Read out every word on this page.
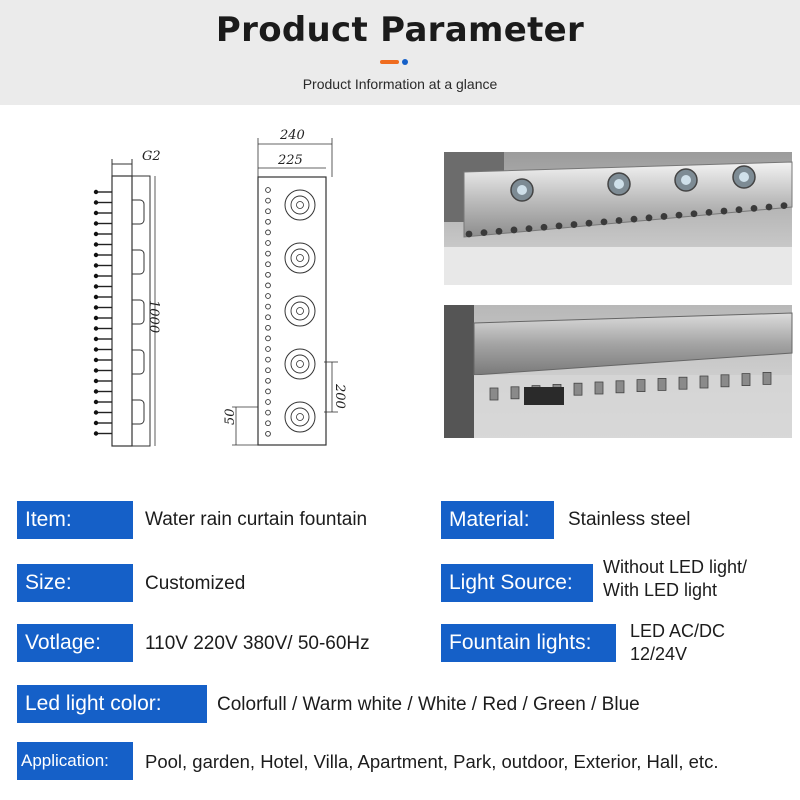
Product Parameter
Product Information at a glance
G2
1000
240
225
200
50
Item:	Water rain curtain fountain	Material:	Stainless steel
Size:	Customized	Light Source:
Without LED light/
With LED light
Votlage:	110V 220V 380V/ 50-60Hz	Fountain lights:	LED AC/DC
12/24V
Led light color:	Colorfull / Warm white / White / Red / Green / Blue
Application:	Pool, garden, Hotel, Villa, Apartment, Park, outdoor, Exterior, Hall, etc.
